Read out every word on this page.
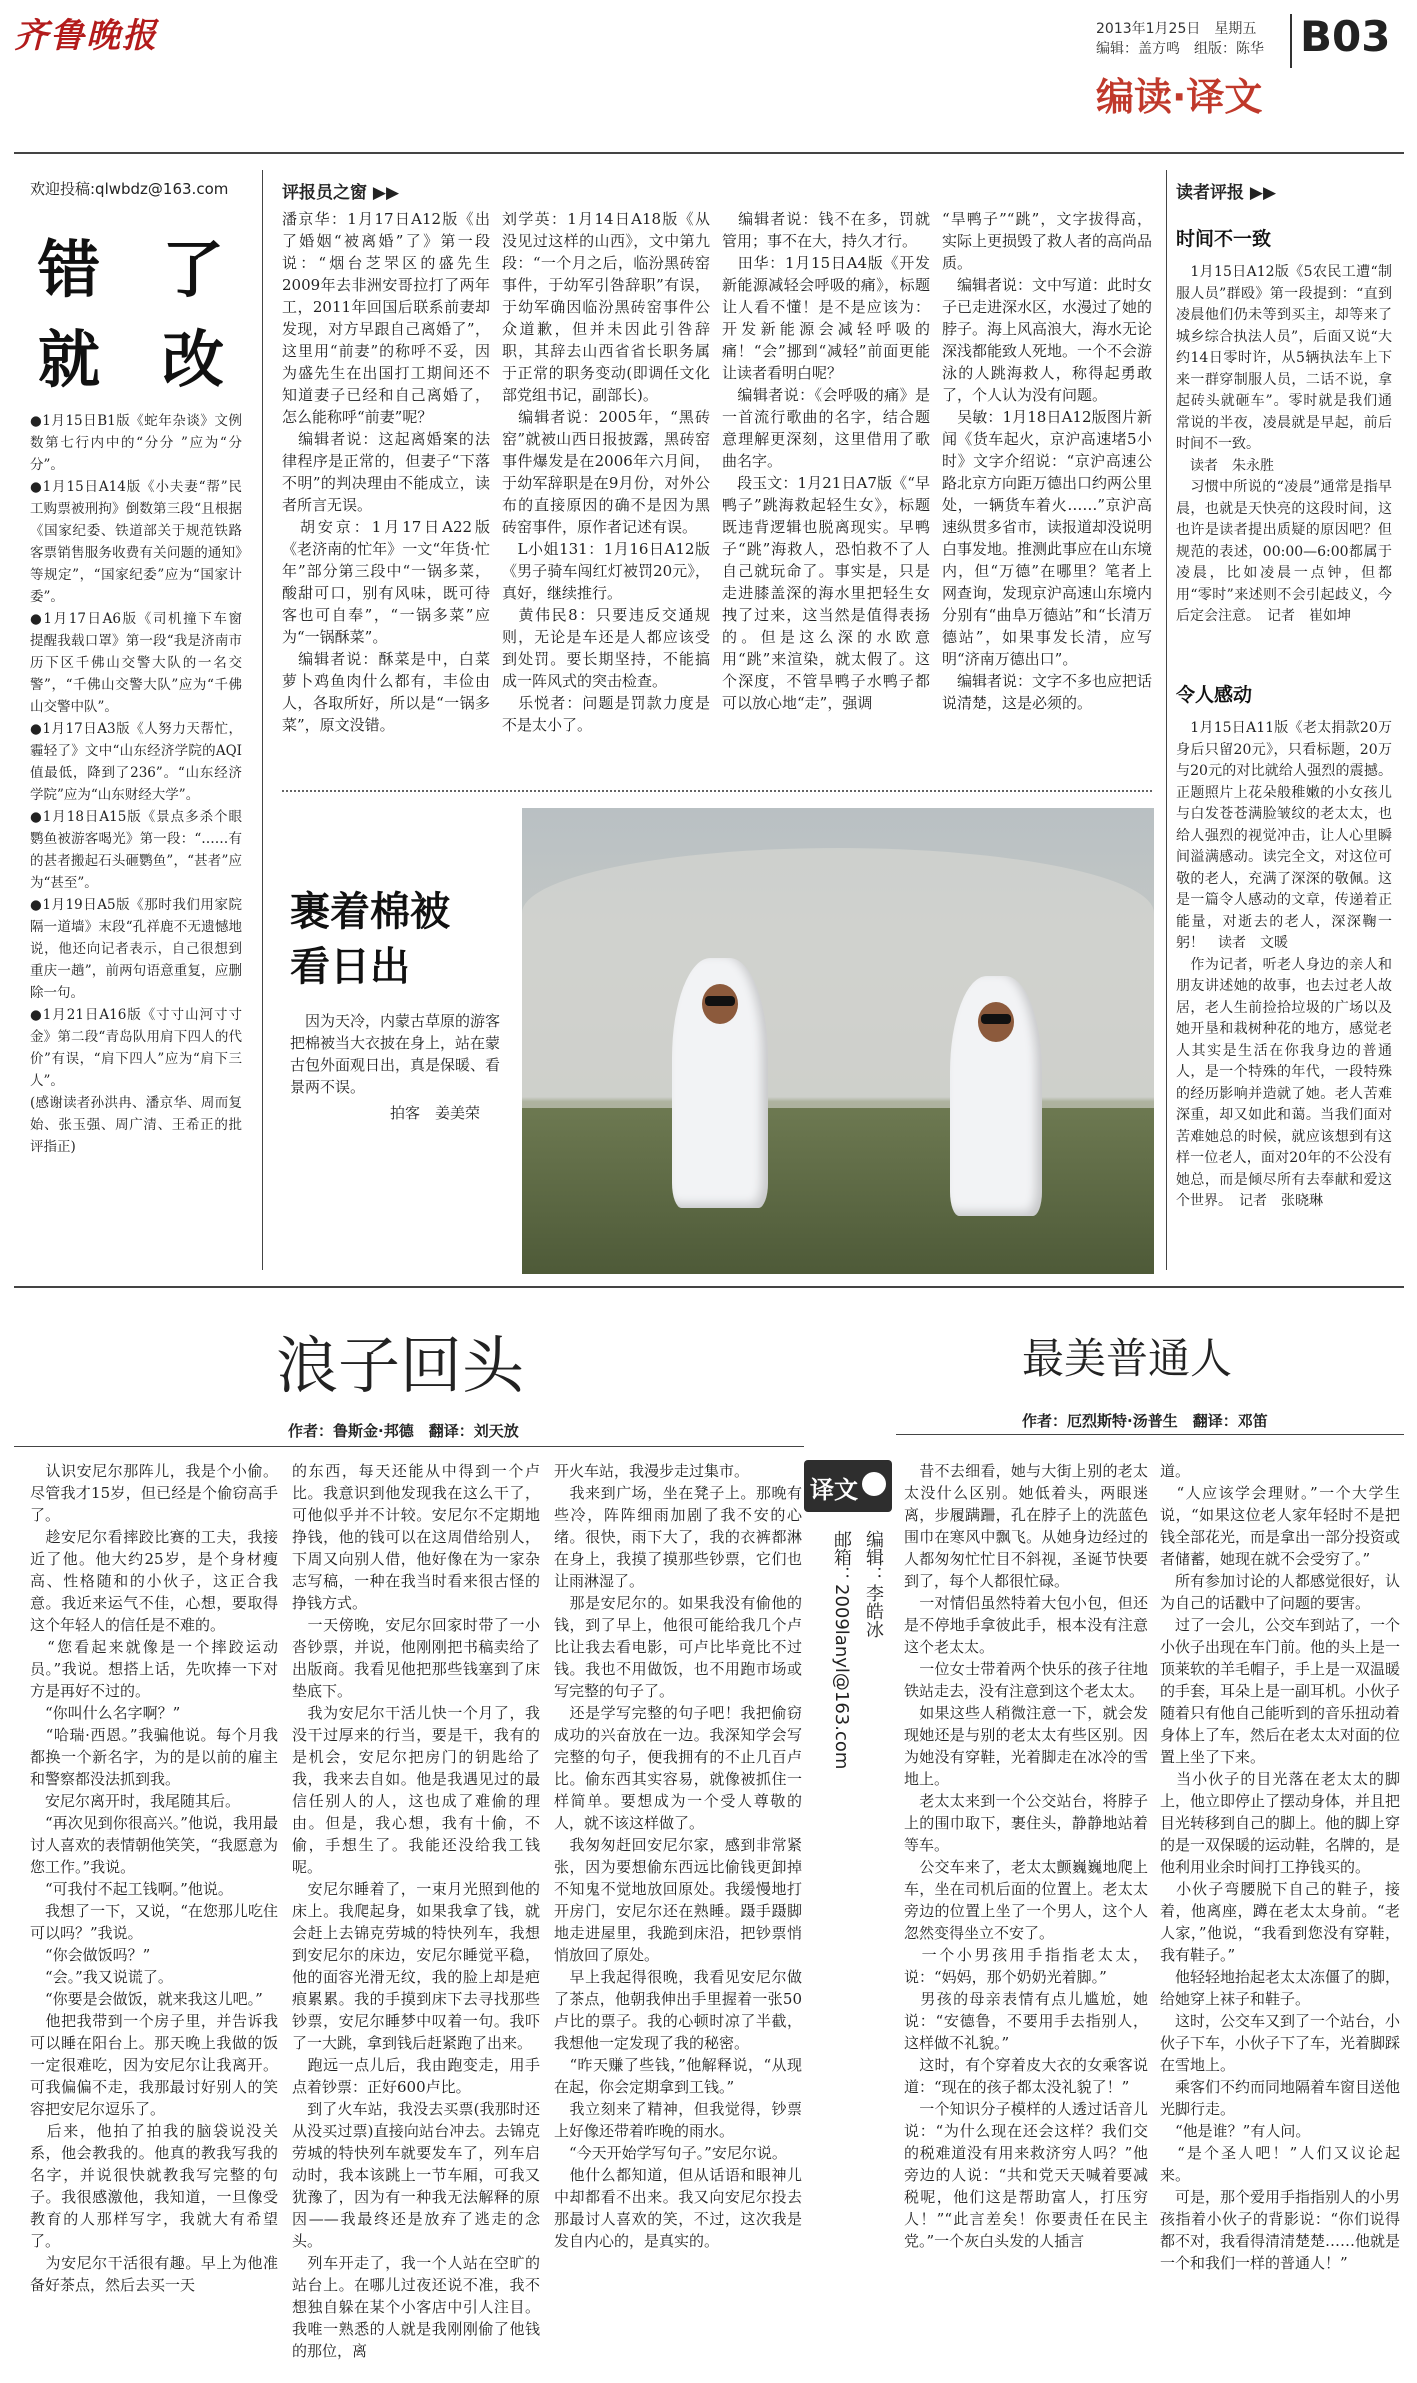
齐鲁晚报	2013年1月25日　星期五
编辑：盖方鸣　组版：陈华 B03
编读·译文
欢迎投稿:qlwbdz@163.com
错　了
就　改
●1月15日B1版《蛇年杂谈》文例数第七行内中的“分分 ”应为“分分”。
●1月15日A14版《小夫妻“帮”民工购票被刑拘》倒数第三段“且根据《国家纪委、铁道部关于规范铁路客票销售服务收费有关问题的通知》等规定”，“国家纪委”应为“国家计委”。
●1月17日A6版《司机撞下车窗　提醒我载口罩》第一段“我是济南市历下区千佛山交警大队的一名交警”，“千佛山交警大队”应为“千佛山交警中队”。
●1月17日A3版《人努力天帮忙，霾轻了》文中“山东经济学院的AQI值最低，降到了236”。“山东经济学院”应为“山东财经大学”。
●1月18日A15版《景点多杀个眼鹦鱼被游客喝光》第一段：“……有的甚者搬起石头砸鹦鱼”，“甚者”应为“甚至”。
●1月19日A5版《那时我们用家院隔一道墙》末段“孔祥鹿不无遗憾地说，他还向记者表示，自己很想到重庆一趟”，前两句语意重复，应删除一句。
●1月21日A16版《寸寸山河寸寸金》第二段“青岛队用肩下四人的代价”有误，“肩下四人”应为“肩下三人”。
(感谢读者孙洪冉、潘京华、周而复始、张玉强、周广清、王希正的批评指正)
评报员之窗 ▶▶
潘京华：1月17日A12版《出了婚姻“被离婚”了》第一段说：“烟台芝罘区的盛先生2009年去非洲安哥拉打了两年工，2011年回国后联系前妻却发现，对方早跟自己离婚了”，这里用“前妻”的称呼不妥，因为盛先生在出国打工期间还不知道妻子已经和自己离婚了，怎么能称呼“前妻”呢？
　编辑者说：这起离婚案的法律程序是正常的，但妻子“下落不明”的判决理由不能成立，读者所言无误。
　胡安京：1月17日A22版《老济南的忙年》一文“年货·忙年”部分第三段中“一锅多菜，酸甜可口，别有风味，既可待客也可自奉”，“一锅多菜”应为“一锅酥菜”。
　编辑者说：酥菜是中，白菜萝卜鸡鱼肉什么都有，丰俭由人，各取所好，所以是“一锅多菜”，原文没错。
刘学英：1月14日A18版《从没见过这样的山西》，文中第九段：“一个月之后，临汾黑砖窑事件，于幼军引咎辞职”有误，于幼军确因临汾黑砖窑事件公众道歉，但并未因此引咎辞职，其辞去山西省省长职务属于正常的职务变动(即调任文化部党组书记，副部长)。
　编辑者说：2005年，“黑砖窑”就被山西日报披露，黑砖窑事件爆发是在2006年六月间，于幼军辞职是在9月份，对外公布的直接原因的确不是因为黑砖窑事件，原作者记述有误。
　L小姐131：1月16日A12版《男子骑车闯红灯被罚20元》，真好，继续推行。
　黄伟民8：只要违反交通规则，无论是车还是人都应该受到处罚。要长期坚持，不能搞成一阵风式的突击检查。
　乐悦者：问题是罚款力度是不是太小了。
　编辑者说：钱不在多，罚就管用；事不在大，持久才行。
　田华：1月15日A4版《开发新能源减轻会呼吸的痛》，标题让人看不懂！是不是应该为：开发新能源会减轻呼吸的痛！“会”挪到“减轻”前面更能让读者看明白呢？
　编辑者说：《会呼吸的痛》是一首流行歌曲的名字，结合题意理解更深刻，这里借用了歌曲名字。
　段玉文：1月21日A7版《“早鸭子”跳海救起轻生女》，标题既违背逻辑也脱离现实。早鸭子“跳”海救人，恐怕救不了人自己就玩命了。事实是，只是走进膝盖深的海水里把轻生女拽了过来，这当然是值得表扬的。但是这么深的水欧意用“跳”来渲染，就太假了。这个深度，不管旱鸭子水鸭子都可以放心地“走”，强调
“旱鸭子”“跳”，文字拔得高，实际上更损毁了救人者的高尚品质。
　编辑者说：文中写道：此时女子已走进深水区，水漫过了她的脖子。海上风高浪大，海水无论深浅都能致人死地。一个不会游泳的人跳海救人，称得起勇敢了，个人认为没有问题。
　吴敏：1月18日A12版图片新闻《货车起火，京沪高速堵5小时》文字介绍说：“京沪高速公路北京方向距万德出口约两公里处，一辆货车着火……”京沪高速纵贯多省市，读报道却没说明白事发地。推测此事应在山东境内，但“万德”在哪里？笔者上网查询，发现京沪高速山东境内分别有“曲阜万德站”和“长清万德站”，如果事发长清，应写明“济南万德出口”。
　编辑者说：文字不多也应把话说清楚，这是必须的。
裹着棉被
看日出
　因为天冷，内蒙古草原的游客把棉被当大衣披在身上，站在蒙古包外面观日出，真是保暖、看景两不误。
拍客　姜美荣
读者评报 ▶▶
时间不一致
　1月15日A12版《5农民工遭“制服人员”群殴》第一段提到：“直到凌晨他们仍未等到买主，却等来了城乡综合执法人员”，后面又说“大约14日零时许，从5辆执法车上下来一群穿制服人员，二话不说，拿起砖头就砸车”。零时就是我们通常说的半夜，凌晨就是早起，前后时间不一致。
　读者　朱永胜
　习惯中所说的“凌晨”通常是指早晨，也就是天快亮的这段时间，这也许是读者提出质疑的原因吧？但规范的表述，00:00—6:00都属于凌晨，比如凌晨一点钟，但都用“零时”来述则不会引起歧义，今后定会注意。　记者　崔如坤
令人感动
　1月15日A11版《老太捐款20万　身后只留20元》，只看标题，20万与20元的对比就给人强烈的震撼。正题照片上花朵般稚嫩的小女孩儿与白发苍苍满脸皱纹的老太太，也给人强烈的视觉冲击，让人心里瞬间溢满感动。读完全文，对这位可敬的老人，充满了深深的敬佩。这是一篇令人感动的文章，传递着正能量，对逝去的老人，深深鞠一躬！　读者　文暖
　作为记者，听老人身边的亲人和朋友讲述她的故事，也去过老人故居，老人生前捡拾垃圾的广场以及她开垦和栽树种花的地方，感觉老人其实是生活在你我身边的普通人，是一个特殊的年代，一段特殊的经历影响并造就了她。老人苦难深重，却又如此和蔼。当我们面对苦难她总的时候，就应该想到有这样一位老人，面对20年的不公没有她总，而是倾尽所有去奉献和爱这个世界。　记者　张晓琳
浪子回头
作者：鲁斯金·邦德　翻译：刘天放
　认识安尼尔那阵儿，我是个小偷。尽管我才15岁，但已经是个偷窃高手了。
　趁安尼尔看摔跤比赛的工夫，我接近了他。他大约25岁，是个身材瘦高、性格随和的小伙子，这正合我意。我近来运气不佳，心想，要取得这个年轻人的信任是不难的。
　“您看起来就像是一个摔跤运动员。”我说。想搭上话，先吹捧一下对方是再好不过的。
　“你叫什么名字啊？”
　“哈瑞·西恩。”我骗他说。每个月我都换一个新名字，为的是以前的雇主和警察都没法抓到我。
　安尼尔离开时，我尾随其后。
　“再次见到你很高兴。”他说，我用最讨人喜欢的表情朝他笑笑，“我愿意为您工作。”我说。
　“可我付不起工钱啊。”他说。
　我想了一下，又说，“在您那儿吃住可以吗？”我说。
　“你会做饭吗？”
　“会。”我又说谎了。
　“你要是会做饭，就来我这儿吧。”
　他把我带到一个房子里，并告诉我可以睡在阳台上。那天晚上我做的饭一定很难吃，因为安尼尔让我离开。可我偏偏不走，我那最讨好别人的笑容把安尼尔逗乐了。
　后来，他拍了拍我的脑袋说没关系，他会教我的。他真的教我写我的名字，并说很快就教我写完整的句子。我很感激他，我知道，一旦像受教育的人那样写字，我就大有希望了。
　为安尼尔干活很有趣。早上为他准备好茶点，然后去买一天
的东西，每天还能从中得到一个卢比。我意识到他发现我在这么干了，可他似乎并不计较。安尼尔不定期地挣钱，他的钱可以在这周借给别人，下周又向别人借，他好像在为一家杂志写稿，一种在我当时看来很古怪的挣钱方式。
　一天傍晚，安尼尔回家时带了一小沓钞票，并说，他刚刚把书稿卖给了出版商。我看见他把那些钱塞到了床垫底下。
　我为安尼尔干活儿快一个月了，我没干过厚来的行当，要是干，我有的是机会，安尼尔把房门的钥匙给了我，我来去自如。他是我遇见过的最信任别人的人，这也成了难偷的理由。但是，我心想，我有十偷，不偷，手想生了。我能还没给我工钱呢。
　安尼尔睡着了，一束月光照到他的床上。我爬起身，如果我拿了钱，就会赶上去锦克劳城的特快列车，我想到安尼尔的床边，安尼尔睡觉平稳，他的面容光滑无纹，我的脸上却是疤痕累累。我的手摸到床下去寻找那些钞票，安尼尔睡梦中叹着一句。我吓了一大跳，拿到钱后赶紧跑了出来。
　跑远一点儿后，我由跑变走，用手点着钞票：正好600卢比。
　到了火车站，我没去买票(我那时还从没买过票)直接向站台冲去。去锦克劳城的特快列车就要发车了，列车启动时，我本该跳上一节车厢，可我又犹豫了，因为有一种我无法解释的原因——我最终还是放弃了逃走的念头。
　列车开走了，我一个人站在空旷的站台上。在哪儿过夜还说不准，我不想独自躲在某个小客店中引人注目。我唯一熟悉的人就是我刚刚偷了他钱的那位，离
开火车站，我漫步走过集市。
　我来到广场，坐在凳子上。那晚有些冷，阵阵细雨加剧了我不安的心绪。很快，雨下大了，我的衣裤都淋在身上，我摸了摸那些钞票，它们也让雨淋湿了。
　那是安尼尔的。如果我没有偷他的钱，到了早上，他很可能给我几个卢比让我去看电影，可卢比毕竟比不过钱。我也不用做饭，也不用跑市场或写完整的句子了。
　还是学写完整的句子吧！我把偷窃成功的兴奋放在一边。我深知学会写完整的句子，便我拥有的不止几百卢比。偷东西其实容易，就像被抓住一样简单。要想成为一个受人尊敬的人，就不该这样做了。
　我匆匆赶回安尼尔家，感到非常紧张，因为要想偷东西远比偷钱更卸掉不知鬼不觉地放回原处。我缓慢地打开房门，安尼尔还在熟睡。蹑手蹑脚地走进屋里，我跪到床沿，把钞票悄悄放回了原处。
　早上我起得很晚，我看见安尼尔做了茶点，他朝我伸出手里握着一张50卢比的票子。我的心顿时凉了半截，我想他一定发现了我的秘密。
　“昨天赚了些钱，”他解释说，“从现在起，你会定期拿到工钱。”
　我立刻来了精神，但我觉得，钞票上好像还带着昨晚的雨水。
　“今天开始学写句子。”安尼尔说。
　他什么都知道，但从话语和眼神儿中却都看不出来。我又向安尼尔投去那最讨人喜欢的笑，不过，这次我是发自内心的，是真实的。
译文
编辑：李皓冰
邮箱：2009lanyl@163.com
最美普通人
作者：厄烈斯特·汤普生　翻译：邓笛
　昔不去细看，她与大街上别的老太太没什么区别。她低着头，两眼迷离，步履蹒跚，孔在脖子上的洗蓝色围巾在寒风中飘飞。从她身边经过的人都匆匆忙忙目不斜视，圣诞节快要到了，每个人都很忙碌。
　一对情侣虽然特着大包小包，但还是不停地手拿彼此手，根本没有注意这个老太太。
　一位女士带着两个快乐的孩子往地铁站走去，没有注意到这个老太太。
　如果这些人稍微注意一下，就会发现她还是与别的老太太有些区别。因为她没有穿鞋，光着脚走在冰冷的雪地上。
　老太太来到一个公交站台，将脖子上的围巾取下，裹住头，静静地站着等车。
　公交车来了，老太太颤巍巍地爬上车，坐在司机后面的位置上。老太太旁边的位置上坐了一个男人，这个人忽然变得坐立不安了。
　一个小男孩用手指指老太太，说：“妈妈，那个奶奶光着脚。”
　男孩的母亲表情有点儿尴尬，她说：“安德鲁，不要用手去指别人，这样做不礼貌。”
　这时，有个穿着皮大衣的女乘客说道：“现在的孩子都太没礼貌了！”
　一个知识分子模样的人透过话音儿说：“为什么现在还会这样？我们交的税难道没有用来救济穷人吗？”他旁边的人说：“共和党天天喊着要减税呢，他们这是帮助富人，打压穷人！”“此言差矣！你要责任在民主党。”一个灰白头发的人插言
道。
　“人应该学会理财。”一个大学生说，“如果这位老人家年轻时不是把钱全部花光，而是拿出一部分投资或者储蓄，她现在就不会受穷了。”
　所有参加讨论的人都感觉很好，认为自己的话戳中了问题的要害。
　过了一会儿，公交车到站了，一个小伙子出现在车门前。他的头上是一顶莱软的羊毛帽子，手上是一双温暖的手套，耳朵上是一副耳机。小伙子随着只有他自己能听到的音乐扭动着身体上了车，然后在老太太对面的位置上坐了下来。
　当小伙子的目光落在老太太的脚上，他立即停止了摆动身体，并且把目光转移到自己的脚上。他的脚上穿的是一双保暖的运动鞋，名牌的，是他利用业余时间打工挣钱买的。
　小伙子弯腰脱下自己的鞋子，接着，他离座，蹲在老太太身前。“老人家，”他说，“我看到您没有穿鞋，我有鞋子。”
　他轻轻地抬起老太太冻僵了的脚，给她穿上袜子和鞋子。
　这时，公交车又到了一个站台，小伙子下车，小伙子下了车，光着脚踩在雪地上。
　乘客们不约而同地隔着车窗目送他光脚行走。
　“他是谁？”有人问。
　“是个圣人吧！”人们又议论起来。
　可是，那个爱用手指指别人的小男孩指着小伙子的背影说：“你们说得都不对，我看得清清楚楚……他就是一个和我们一样的普通人！”
